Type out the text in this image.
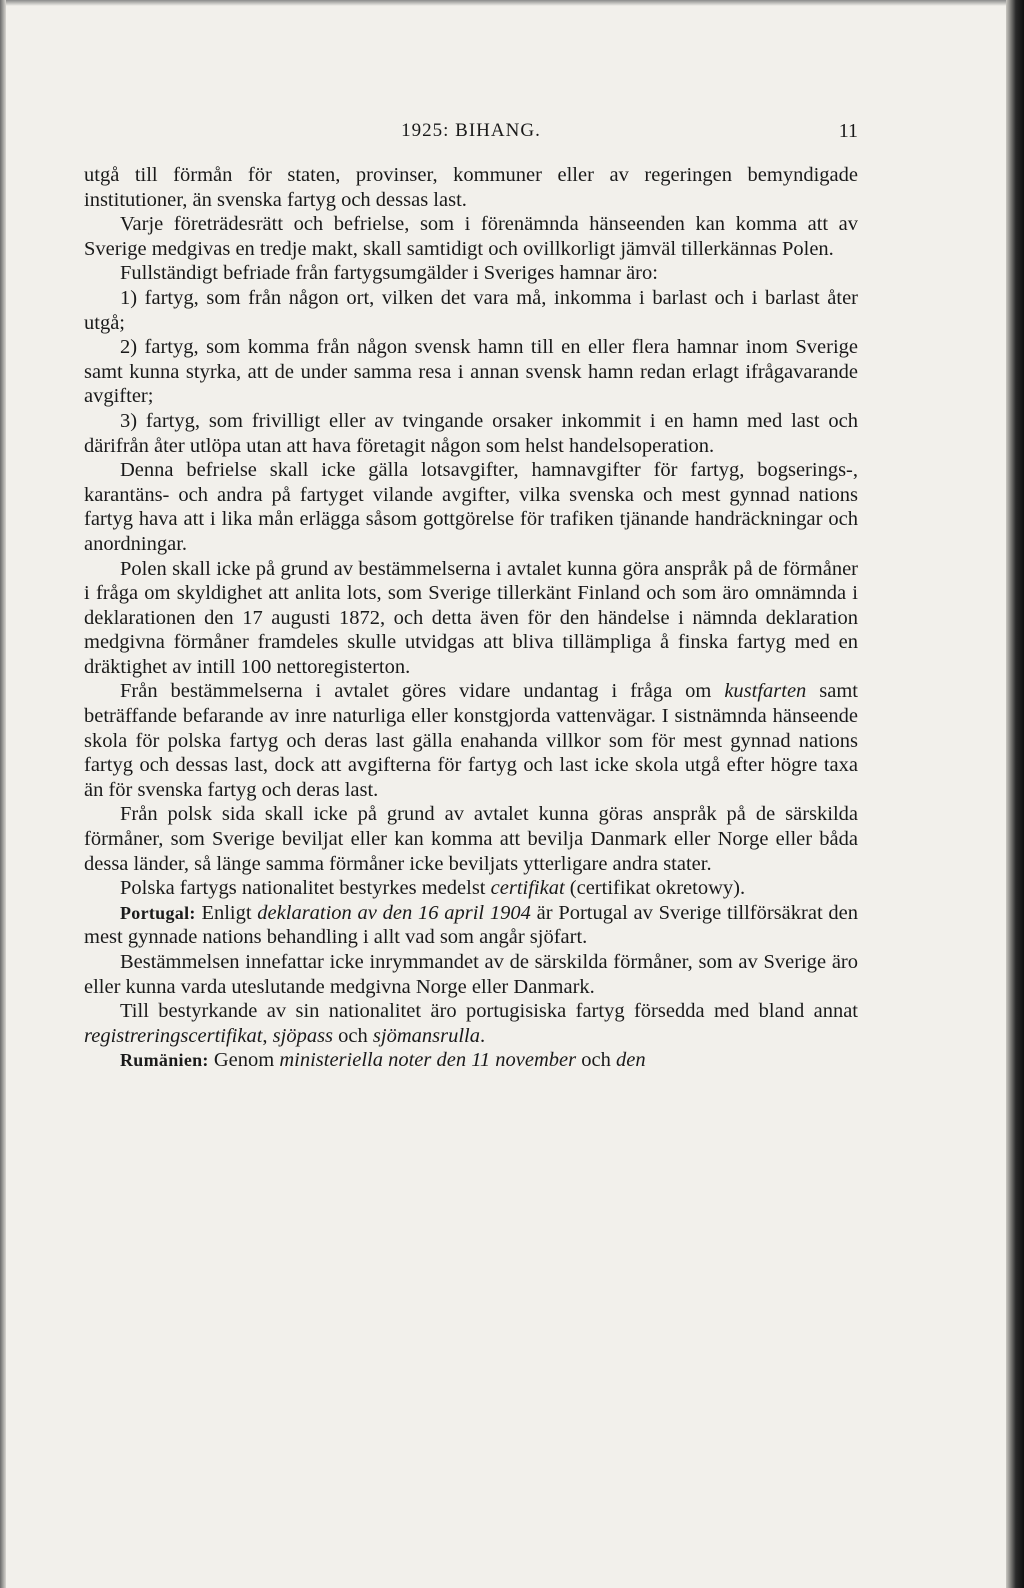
1925: BIHANG.	11

utgå till förmån för staten, provinser, kommuner eller av regeringen bemyndigade institutioner, än svenska fartyg och dessas last.

Varje företrädesrätt och befrielse, som i förenämnda hänseenden kan komma att av Sverige medgivas en tredje makt, skall samtidigt och ovillkorligt jämväl tillerkännas Polen.

Fullständigt befriade från fartygsumgälder i Sveriges hamnar äro:

1) fartyg, som från någon ort, vilken det vara må, inkomma i barlast och i barlast åter utgå;

2) fartyg, som komma från någon svensk hamn till en eller flera hamnar inom Sverige samt kunna styrka, att de under samma resa i annan svensk hamn redan erlagt ifrågavarande avgifter;

3) fartyg, som frivilligt eller av tvingande orsaker inkommit i en hamn med last och därifrån åter utlöpa utan att hava företagit någon som helst handelsoperation.

Denna befrielse skall icke gälla lotsavgifter, hamnavgifter för fartyg, bogserings-, karantäns- och andra på fartyget vilande avgifter, vilka svenska och mest gynnad nations fartyg hava att i lika mån erlägga såsom gottgörelse för trafiken tjänande handräckningar och anordningar.

Polen skall icke på grund av bestämmelserna i avtalet kunna göra anspråk på de förmåner i fråga om skyldighet att anlita lots, som Sverige tillerkänt Finland och som äro omnämnda i deklarationen den 17 augusti 1872, och detta även för den händelse i nämnda deklaration medgivna förmåner framdeles skulle utvidgas att bliva tillämpliga å finska fartyg med en dräktighet av intill 100 nettoregisterton.

Från bestämmelserna i avtalet göres vidare undantag i fråga om kustfarten samt beträffande befarande av inre naturliga eller konstgjorda vattenvägar. I sistnämnda hänseende skola för polska fartyg och deras last gälla enahanda villkor som för mest gynnad nations fartyg och dessas last, dock att avgifterna för fartyg och last icke skola utgå efter högre taxa än för svenska fartyg och deras last.

Från polsk sida skall icke på grund av avtalet kunna göras anspråk på de särskilda förmåner, som Sverige beviljat eller kan komma att bevilja Danmark eller Norge eller båda dessa länder, så länge samma förmåner icke beviljats ytterligare andra stater.

Polska fartygs nationalitet bestyrkes medelst certifikat (certifikat okretowy).

Portugal: Enligt deklaration av den 16 april 1904 är Portugal av Sverige tillförsäkrat den mest gynnade nations behandling i allt vad som angår sjöfart.

Bestämmelsen innefattar icke inrymmandet av de särskilda förmåner, som av Sverige äro eller kunna varda uteslutande medgivna Norge eller Danmark.

Till bestyrkande av sin nationalitet äro portugisiska fartyg försedda med bland annat registreringscertifikat, sjöpass och sjömansrulla.

Rumänien: Genom ministeriella noter den 11 november och den
